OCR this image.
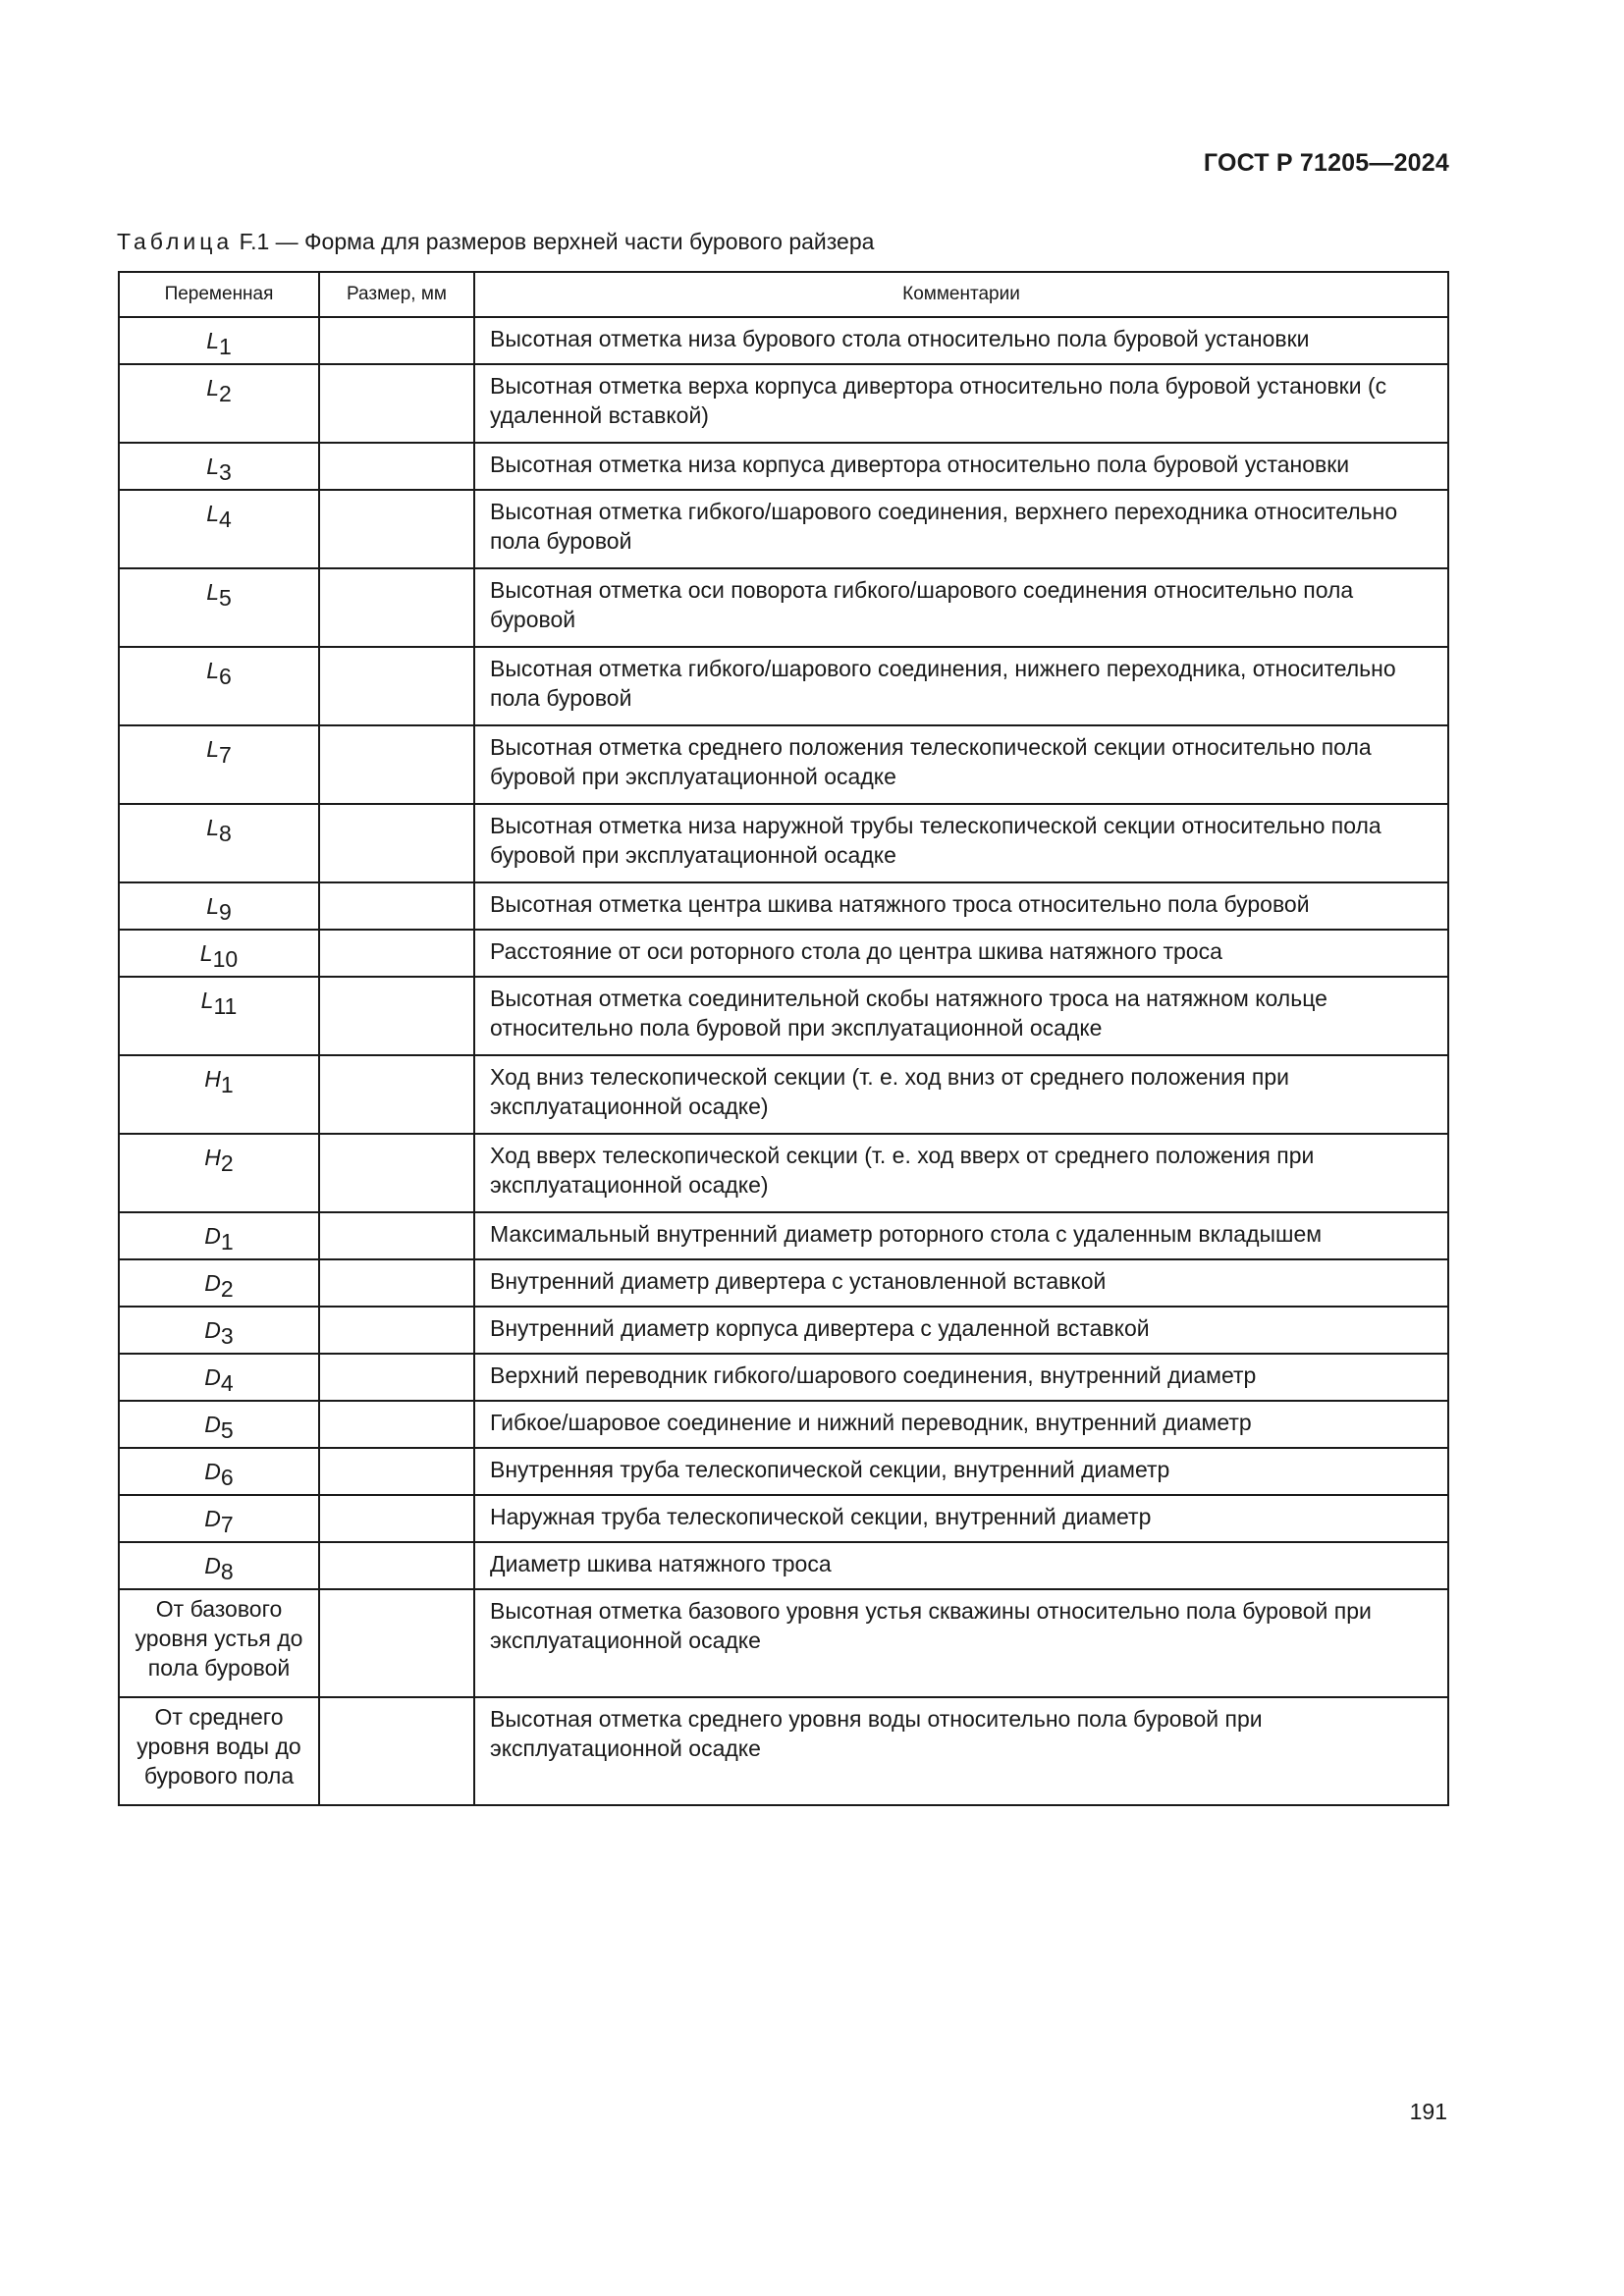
ГОСТ Р 71205—2024
Таблица F.1 — Форма для размеров верхней части бурового райзера
Переменная	Размер, мм	Комментарии
L1		Высотная отметка низа бурового стола относительно пола буровой установки
L2		Высотная отметка верха корпуса дивертора относительно пола буровой установки (с удаленной вставкой)
L3		Высотная отметка низа корпуса дивертора относительно пола буровой установки
L4		Высотная отметка гибкого/шарового соединения, верхнего переходника относительно пола буровой
L5		Высотная отметка оси поворота гибкого/шарового соединения относительно пола буровой
L6		Высотная отметка гибкого/шарового соединения, нижнего переходника, относительно пола буровой
L7		Высотная отметка среднего положения телескопической секции относительно пола буровой при эксплуатационной осадке
L8		Высотная отметка низа наружной трубы телескопической секции относительно пола буровой при эксплуатационной осадке
L9		Высотная отметка центра шкива натяжного троса относительно пола буровой
L10		Расстояние от оси роторного стола до центра шкива натяжного троса
L11		Высотная отметка соединительной скобы натяжного троса на натяжном кольце относительно пола буровой при эксплуатационной осадке
H1		Ход вниз телескопической секции (т. е. ход вниз от среднего положения при эксплуатационной осадке)
H2		Ход вверх телескопической секции (т. е. ход вверх от среднего положения при эксплуатационной осадке)
D1		Максимальный внутренний диаметр роторного стола с удаленным вкладышем
D2		Внутренний диаметр дивертера с установленной вставкой
D3		Внутренний диаметр корпуса дивертера с удаленной вставкой
D4		Верхний переводник гибкого/шарового соединения, внутренний диаметр
D5		Гибкое/шаровое соединение и нижний переводник, внутренний диаметр
D6		Внутренняя труба телескопической секции, внутренний диаметр
D7		Наружная труба телескопической секции, внутренний диаметр
D8		Диаметр шкива натяжного троса
От базового уровня устья до пола буровой		Высотная отметка базового уровня устья скважины относительно пола буровой при эксплуатационной осадке
От среднего уровня воды до бурового пола		Высотная отметка среднего уровня воды относительно пола буровой при эксплуатационной осадке
191
